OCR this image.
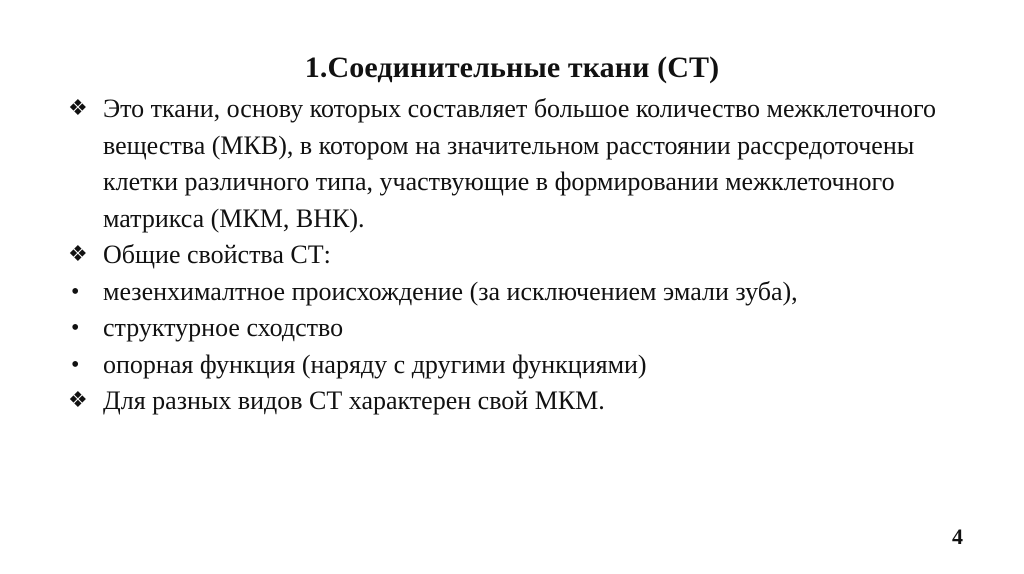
1.Соединительные ткани (СТ)
❖ Это ткани, основу которых составляет большое количество межклеточного вещества (МКВ), в котором на значительном расстоянии рассредоточены клетки различного типа, участвующие в формировании межклеточного матрикса (МКМ, ВНК).
❖ Общие свойства СТ:
• мезенхималтное происхождение (за исключением эмали зуба),
• структурное сходство
• опорная функция (наряду с другими функциями)
❖ Для разных видов СТ характерен свой МКМ.
4
